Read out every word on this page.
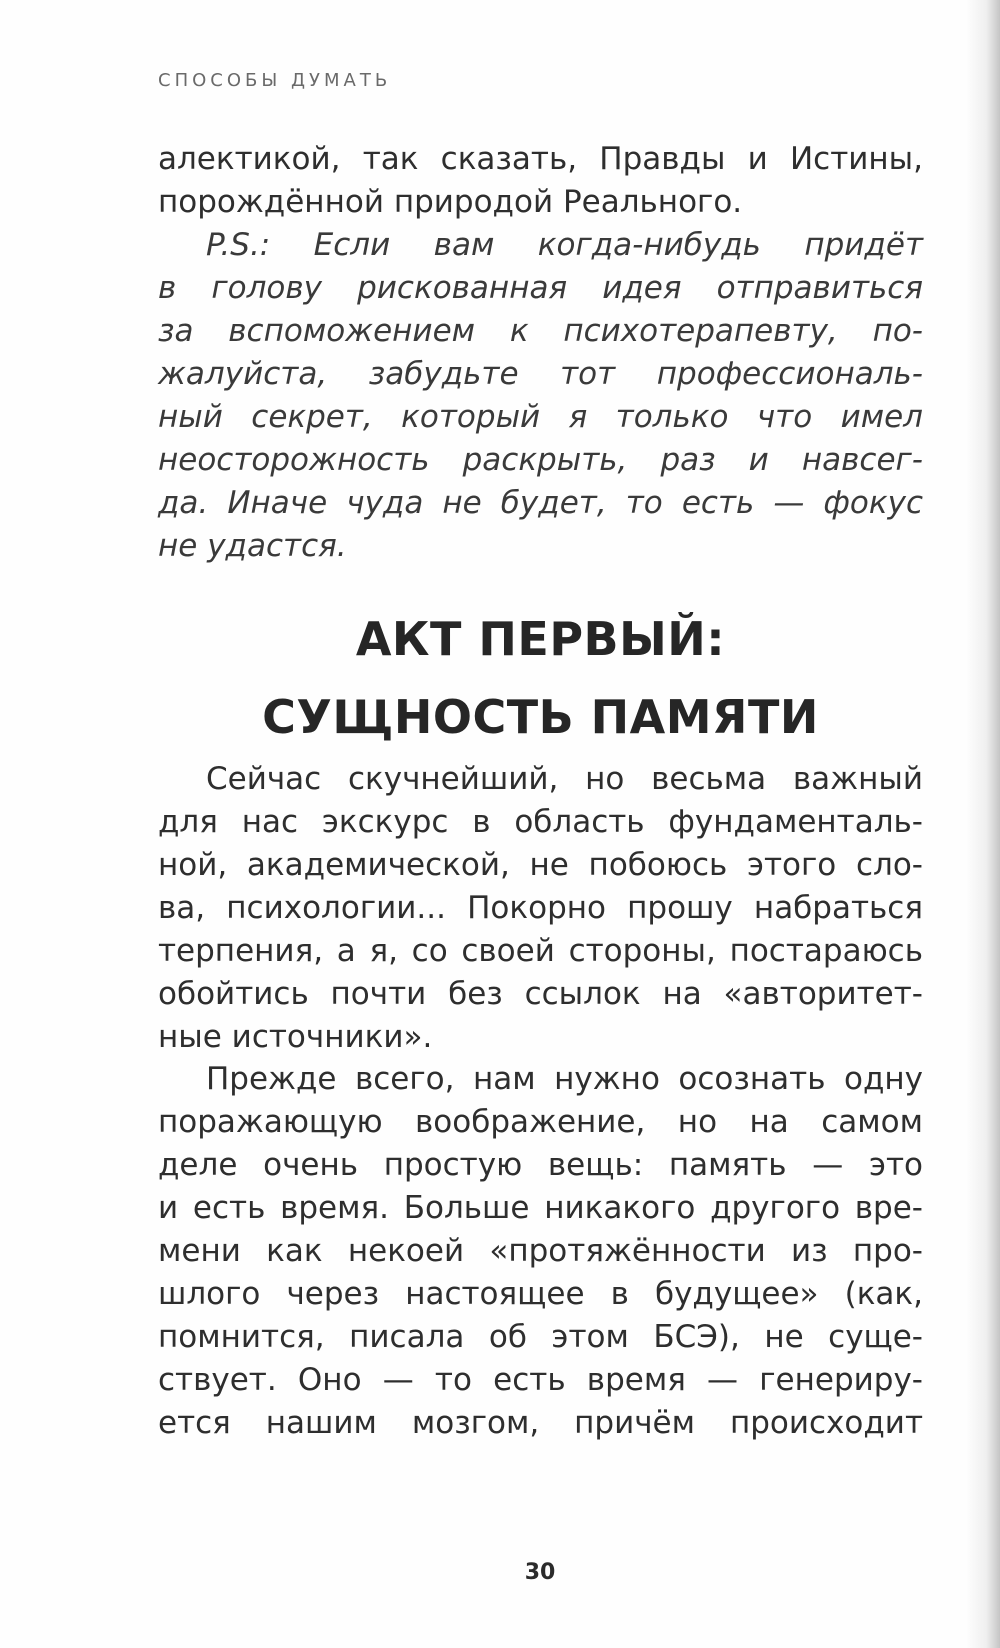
СПОСОБЫ ДУМАТЬ
алектикой, так сказать, Правды и Истины,
порождённой природой Реального.
P.S.: Если вам когда-нибудь придёт
в голову рискованная идея отправиться
за вспоможением к психотерапевту, по-
жалуйста, забудьте тот профессиональ-
ный секрет, который я только что имел
неосторожность раскрыть, раз и навсег-
да. Иначе чуда не будет, то есть — фокус
не удастся.
АКТ ПЕРВЫЙ:
СУЩНОСТЬ ПАМЯТИ
Сейчас скучнейший, но весьма важный
для нас экскурс в область фундаменталь-
ной, академической, не побоюсь этого сло-
ва, психологии... Покорно прошу набраться
терпения, а я, со своей стороны, постараюсь
обойтись почти без ссылок на «авторитет-
ные источники».
Прежде всего, нам нужно осознать одну
поражающую воображение, но на самом
деле очень простую вещь: память — это
и есть время. Больше никакого другого вре-
мени как некоей «протяжённости из про-
шлого через настоящее в будущее» (как,
помнится, писала об этом БСЭ), не суще-
ствует. Оно — то есть время — генериру-
ется нашим мозгом, причём происходит
30
